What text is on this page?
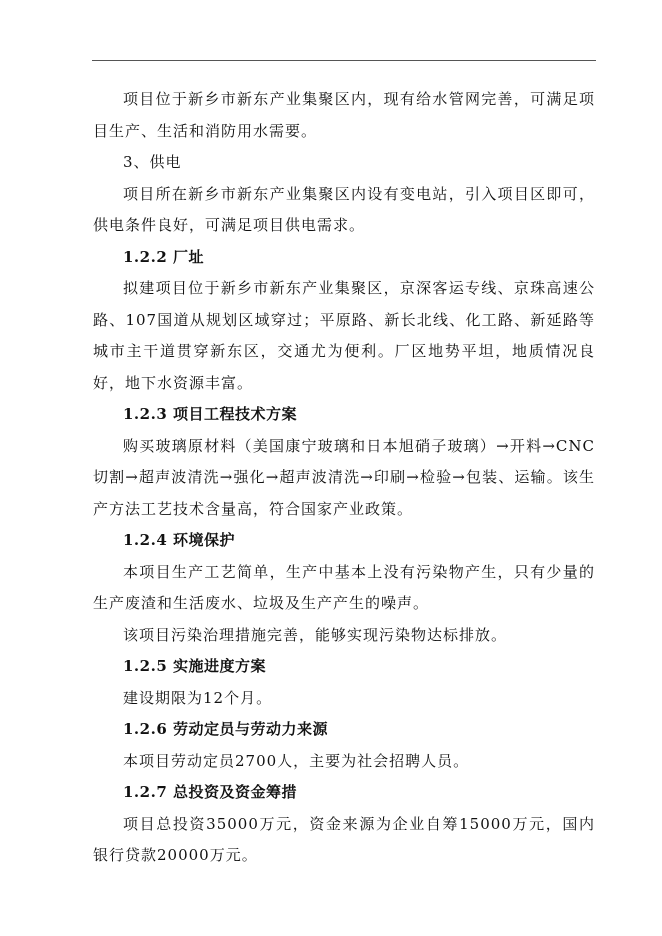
项目位于新乡市新东产业集聚区内，现有给水管网完善，可满足项目生产、生活和消防用水需要。

3、供电

项目所在新乡市新东产业集聚区内设有变电站，引入项目区即可，供电条件良好，可满足项目供电需求。

1.2.2 厂址

拟建项目位于新乡市新东产业集聚区，京深客运专线、京珠高速公路、107国道从规划区域穿过；平原路、新长北线、化工路、新延路等城市主干道贯穿新东区，交通尤为便利。厂区地势平坦，地质情况良好，地下水资源丰富。

1.2.3 项目工程技术方案

购买玻璃原材料（美国康宁玻璃和日本旭硝子玻璃）→开料→CNC切割→超声波清洗→强化→超声波清洗→印刷→检验→包装、运输。该生产方法工艺技术含量高，符合国家产业政策。

1.2.4 环境保护

本项目生产工艺简单，生产中基本上没有污染物产生，只有少量的生产废渣和生活废水、垃圾及生产产生的噪声。

该项目污染治理措施完善，能够实现污染物达标排放。

1.2.5 实施进度方案

建设期限为12个月。

1.2.6 劳动定员与劳动力来源

本项目劳动定员2700人，主要为社会招聘人员。

1.2.7 总投资及资金筹措

项目总投资35000万元，资金来源为企业自筹15000万元，国内银行贷款20000万元。
